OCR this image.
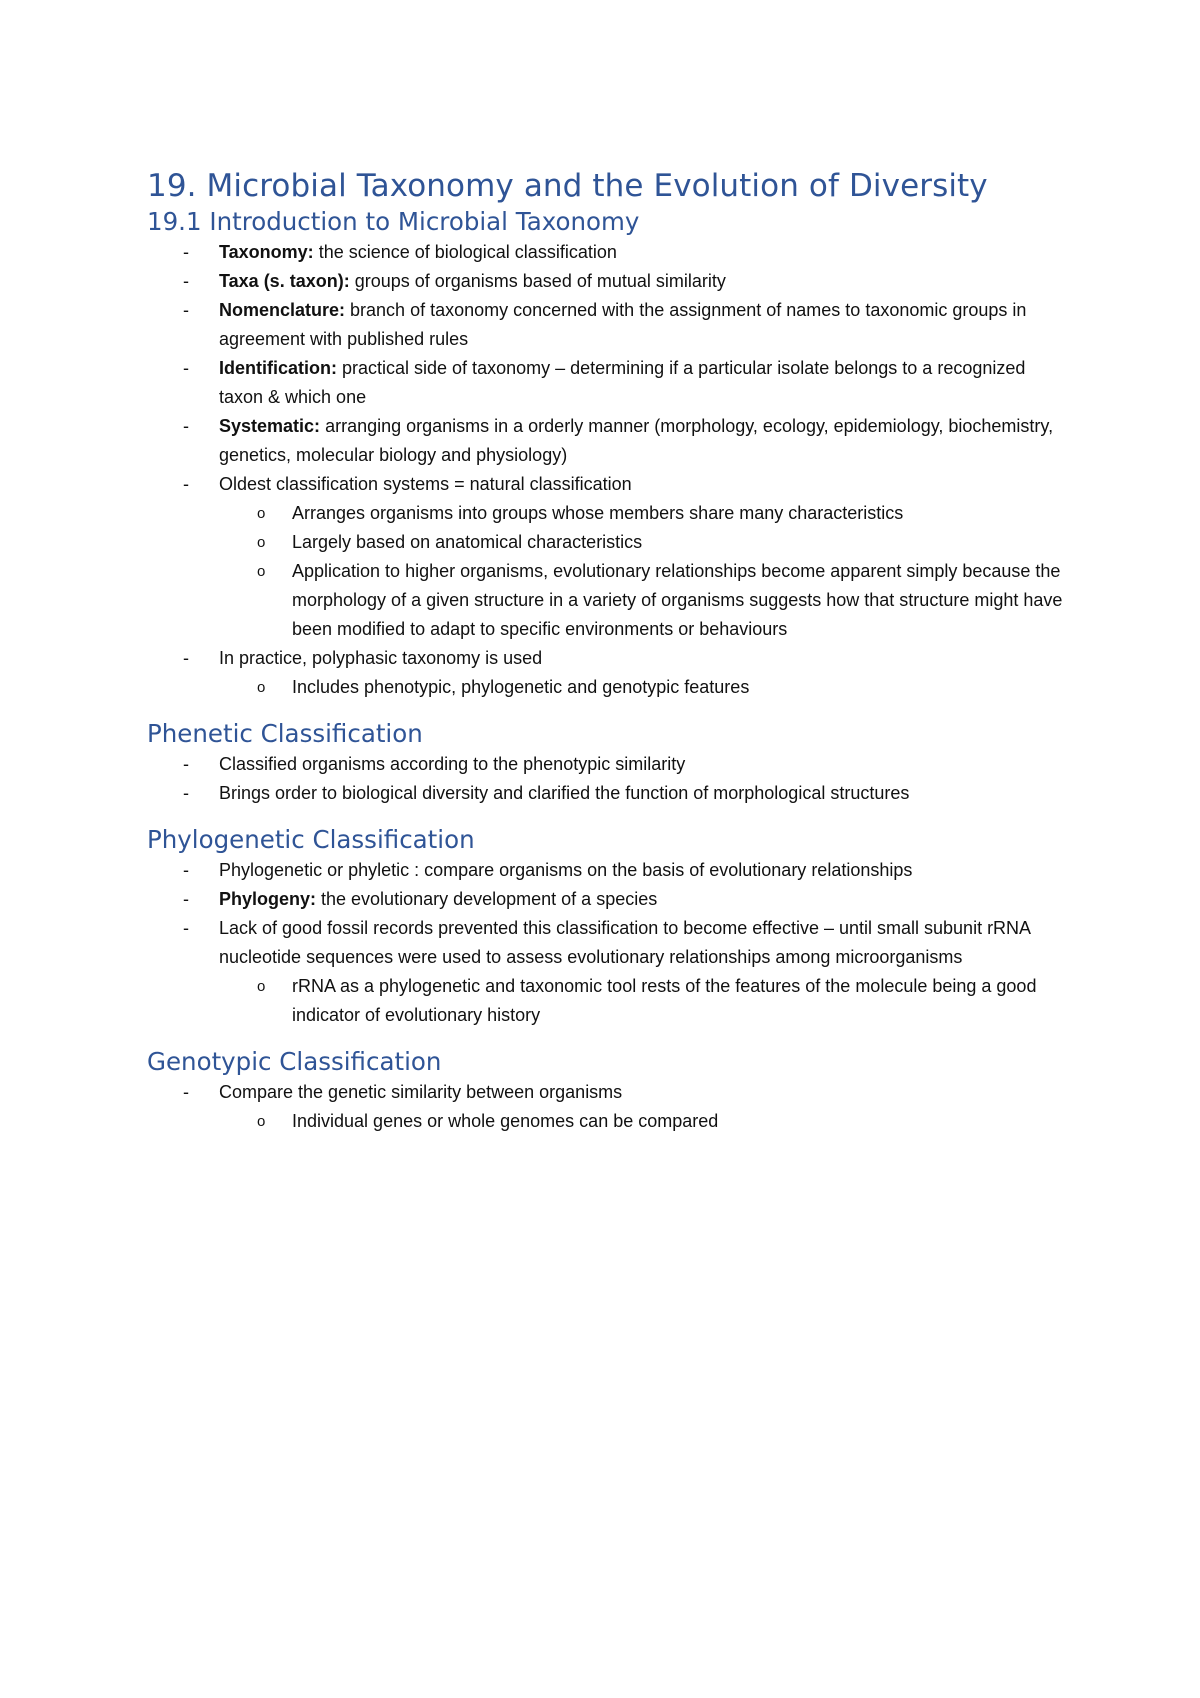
19. Microbial Taxonomy and the Evolution of Diversity
19.1 Introduction to Microbial Taxonomy
- Taxonomy: the science of biological classification
- Taxa (s. taxon): groups of organisms based of mutual similarity
- Nomenclature: branch of taxonomy concerned with the assignment of names to taxonomic groups in agreement with published rules
- Identification: practical side of taxonomy – determining if a particular isolate belongs to a recognized taxon & which one
- Systematic: arranging organisms in a orderly manner (morphology, ecology, epidemiology, biochemistry, genetics, molecular biology and physiology)
- Oldest classification systems = natural classification
o Arranges organisms into groups whose members share many characteristics
o Largely based on anatomical characteristics
o Application to higher organisms, evolutionary relationships become apparent simply because the morphology of a given structure in a variety of organisms suggests how that structure might have been modified to adapt to specific environments or behaviours
- In practice, polyphasic taxonomy is used
o Includes phenotypic, phylogenetic and genotypic features
Phenetic Classification
- Classified organisms according to the phenotypic similarity
- Brings order to biological diversity and clarified the function of morphological structures
Phylogenetic Classification
- Phylogenetic or phyletic : compare organisms on the basis of evolutionary relationships
- Phylogeny: the evolutionary development of a species
- Lack of good fossil records prevented this classification to become effective – until small subunit rRNA nucleotide sequences were used to assess evolutionary relationships among microorganisms
o rRNA as a phylogenetic and taxonomic tool rests of the features of the molecule being a good indicator of evolutionary history
Genotypic Classification
- Compare the genetic similarity between organisms
o Individual genes or whole genomes can be compared
